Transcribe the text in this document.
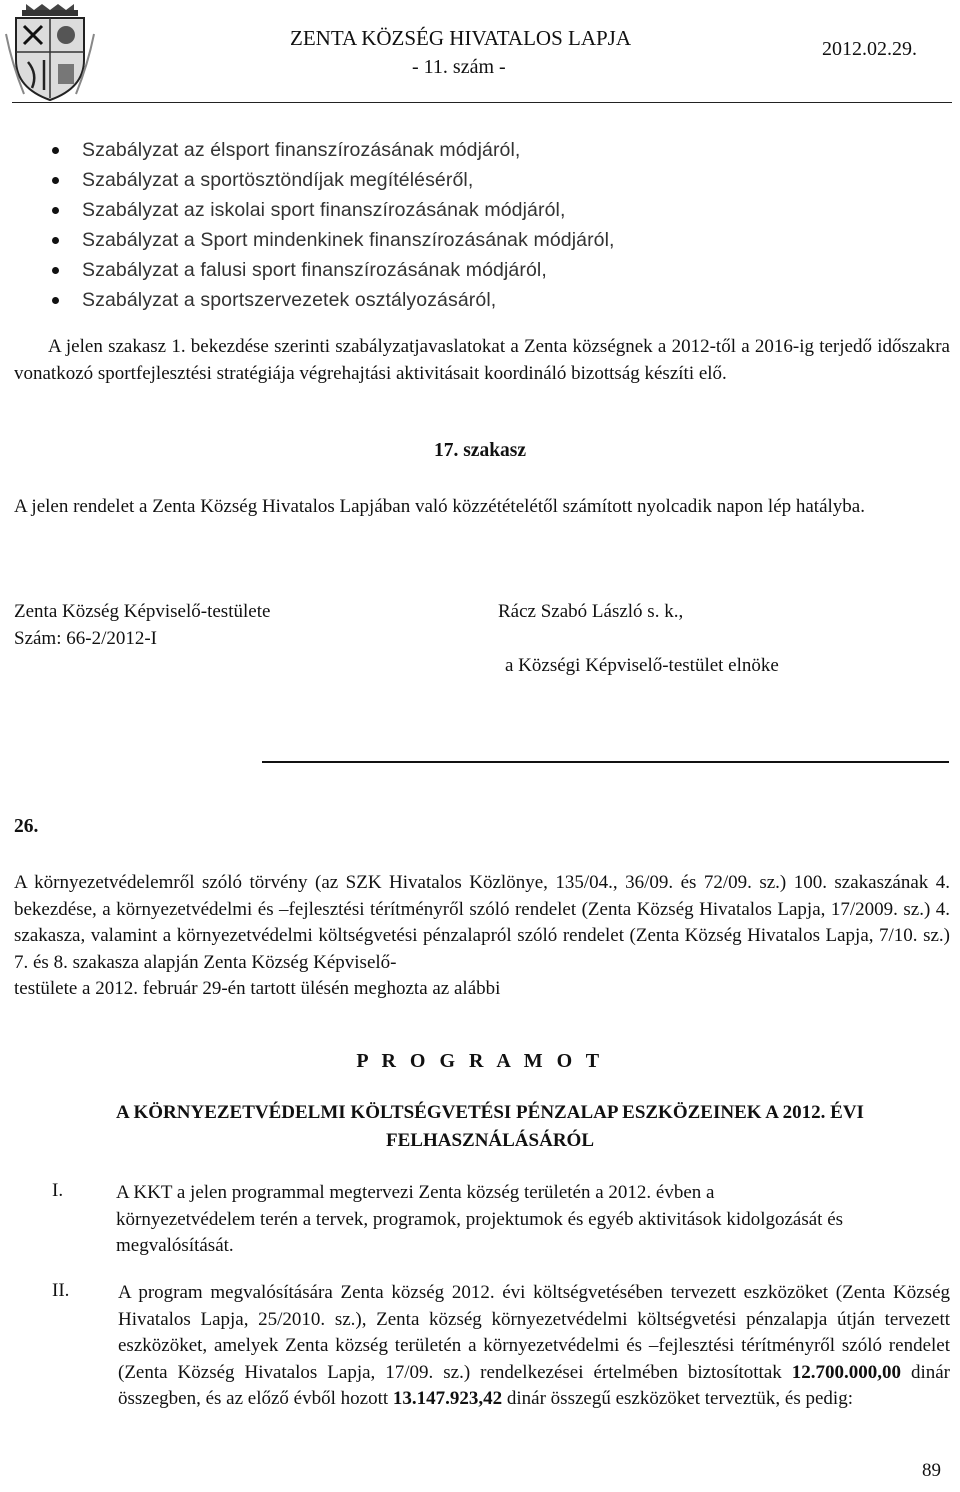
ZENTA KÖZSÉG HIVATALOS LAPJA
- 11. szám -
2012.02.29.
Szabályzat az élsport finanszírozásának módjáról,
Szabályzat a sportösztöndíjak megítéléséről,
Szabályzat az iskolai sport finanszírozásának módjáról,
Szabályzat a Sport mindenkinek finanszírozásának módjáról,
Szabályzat a falusi sport finanszírozásának módjáról,
Szabályzat a sportszervezetek osztályozásáról,
A jelen szakasz 1. bekezdése szerinti szabályzatjavaslatokat a Zenta községnek a 2012-től a 2016-ig terjedő időszakra vonatkozó sportfejlesztési stratégiája végrehajtási aktivitásait koordináló bizottság készíti elő.
17. szakasz
A jelen rendelet a Zenta Község Hivatalos Lapjában való közzétételétől számított nyolcadik napon lép hatályba.
Zenta Község Képviselő-testülete
Szám: 66-2/2012-I
Rácz Szabó László s. k.,
a Községi Képviselő-testület elnöke
26.
A környezetvédelemről szóló törvény (az SZK Hivatalos Közlönye, 135/04., 36/09. és 72/09. sz.) 100. szakaszának 4. bekezdése, a környezetvédelmi és –fejlesztési térítményről szóló rendelet (Zenta Község Hivatalos Lapja, 17/2009. sz.) 4. szakasza, valamint a környezetvédelmi költségvetési pénzalapról szóló rendelet (Zenta Község Hivatalos Lapja, 7/10. sz.) 7. és 8. szakasza alapján Zenta Község Képviselő-
testülete a 2012. február 29-én tartott ülésén meghozta az alábbi
P R O G R A M O T
A KÖRNYEZETVÉDELMI KÖLTSÉGVETÉSI PÉNZALAP ESZKÖZEINEK A 2012. ÉVI FELHASZNÁLÁSÁRÓL
I.	A KKT a jelen programmal megtervezi Zenta község területén a 2012. évben a környezetvédelem terén a tervek, programok, projektumok és egyéb aktivitások kidolgozását és megvalósítását.
II.	A program megvalósítására Zenta község 2012. évi költségvetésében tervezett eszközöket (Zenta Község Hivatalos Lapja, 25/2010. sz.), Zenta község környezetvédelmi költségvetési pénzalapja útján tervezett eszközöket, amelyek Zenta község területén a környezetvédelmi és –fejlesztési térítményről szóló rendelet (Zenta Község Hivatalos Lapja, 17/09. sz.) rendelkezései értelmében biztosítottak 12.700.000,00 dinár összegben, és az előző évből hozott 13.147.923,42 dinár összegű eszközöket terveztük, és pedig:
89
